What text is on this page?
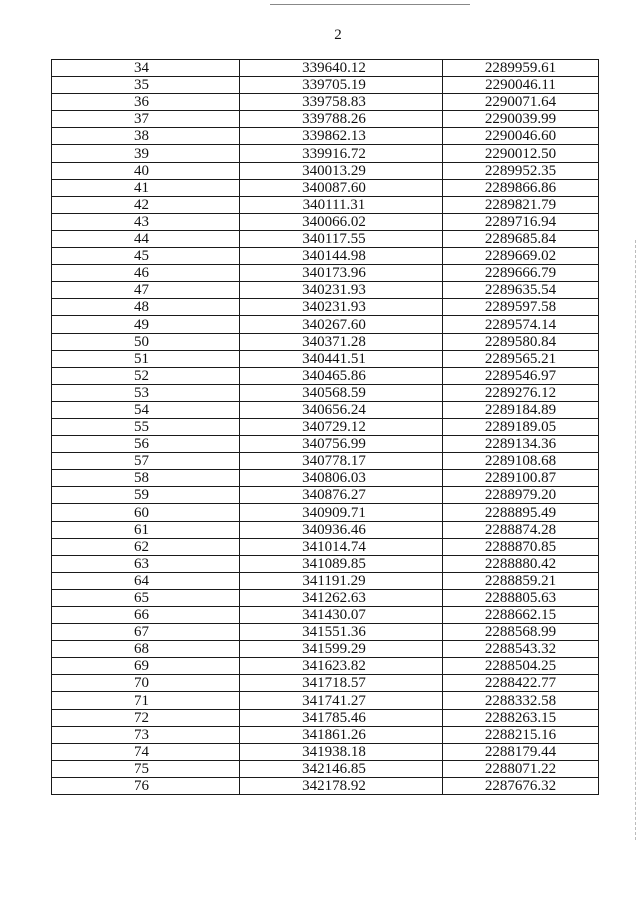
2
34	339640.12	2289959.61
35	339705.19	2290046.11
36	339758.83	2290071.64
37	339788.26	2290039.99
38	339862.13	2290046.60
39	339916.72	2290012.50
40	340013.29	2289952.35
41	340087.60	2289866.86
42	340111.31	2289821.79
43	340066.02	2289716.94
44	340117.55	2289685.84
45	340144.98	2289669.02
46	340173.96	2289666.79
47	340231.93	2289635.54
48	340231.93	2289597.58
49	340267.60	2289574.14
50	340371.28	2289580.84
51	340441.51	2289565.21
52	340465.86	2289546.97
53	340568.59	2289276.12
54	340656.24	2289184.89
55	340729.12	2289189.05
56	340756.99	2289134.36
57	340778.17	2289108.68
58	340806.03	2289100.87
59	340876.27	2288979.20
60	340909.71	2288895.49
61	340936.46	2288874.28
62	341014.74	2288870.85
63	341089.85	2288880.42
64	341191.29	2288859.21
65	341262.63	2288805.63
66	341430.07	2288662.15
67	341551.36	2288568.99
68	341599.29	2288543.32
69	341623.82	2288504.25
70	341718.57	2288422.77
71	341741.27	2288332.58
72	341785.46	2288263.15
73	341861.26	2288215.16
74	341938.18	2288179.44
75	342146.85	2288071.22
76	342178.92	2287676.32
